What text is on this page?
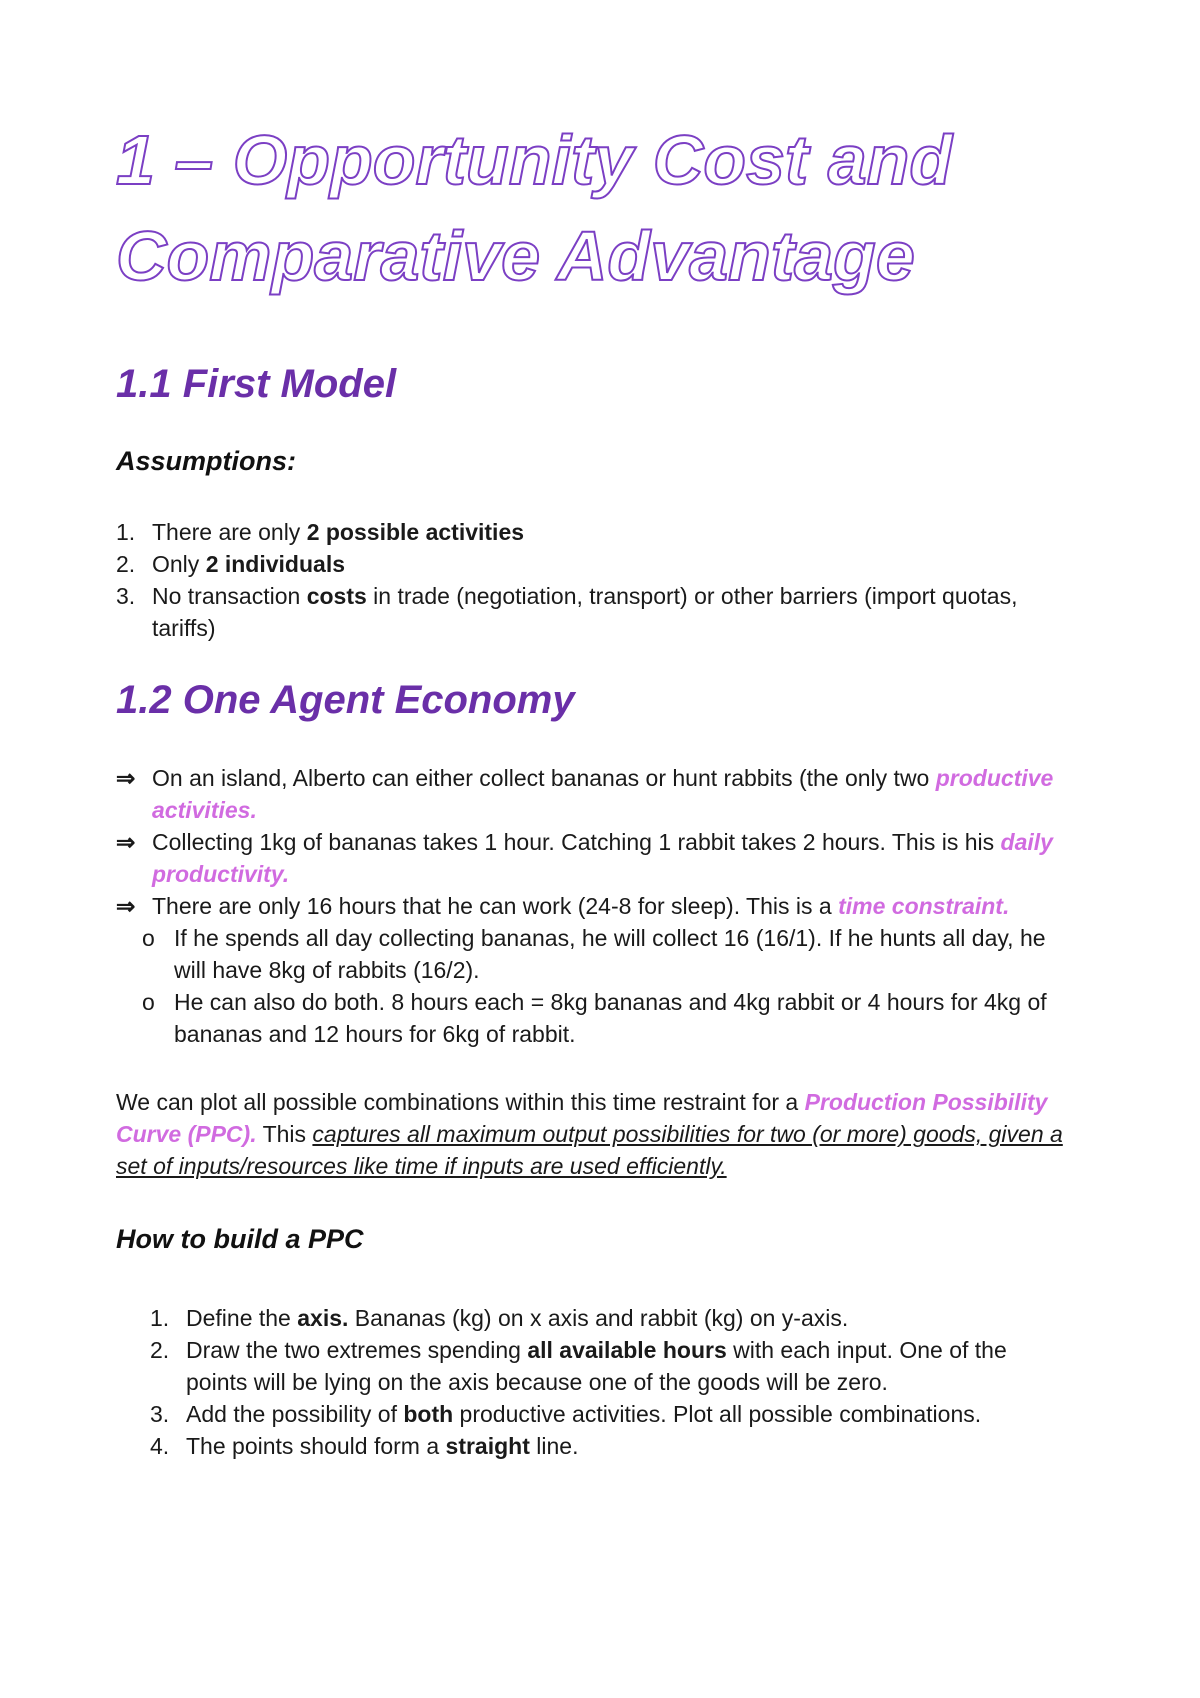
1 – Opportunity Cost and
Comparative Advantage
1.1 First Model
Assumptions:
1. There are only 2 possible activities
2. Only 2 individuals
3. No transaction costs in trade (negotiation, transport) or other barriers (import quotas, tariffs)
1.2 One Agent Economy
⇒ On an island, Alberto can either collect bananas or hunt rabbits (the only two productive activities.
⇒ Collecting 1kg of bananas takes 1 hour. Catching 1 rabbit takes 2 hours. This is his daily productivity.
⇒ There are only 16 hours that he can work (24-8 for sleep). This is a time constraint.
o If he spends all day collecting bananas, he will collect 16 (16/1). If he hunts all day, he will have 8kg of rabbits (16/2).
o He can also do both. 8 hours each = 8kg bananas and 4kg rabbit or 4 hours for 4kg of bananas and 12 hours for 6kg of rabbit.

We can plot all possible combinations within this time restraint for a Production Possibility Curve (PPC). This captures all maximum output possibilities for two (or more) goods, given a set of inputs/resources like time if inputs are used efficiently.

How to build a PPC
1. Define the axis. Bananas (kg) on x axis and rabbit (kg) on y-axis.
2. Draw the two extremes spending all available hours with each input. One of the points will be lying on the axis because one of the goods will be zero.
3. Add the possibility of both productive activities. Plot all possible combinations.
4. The points should form a straight line.
